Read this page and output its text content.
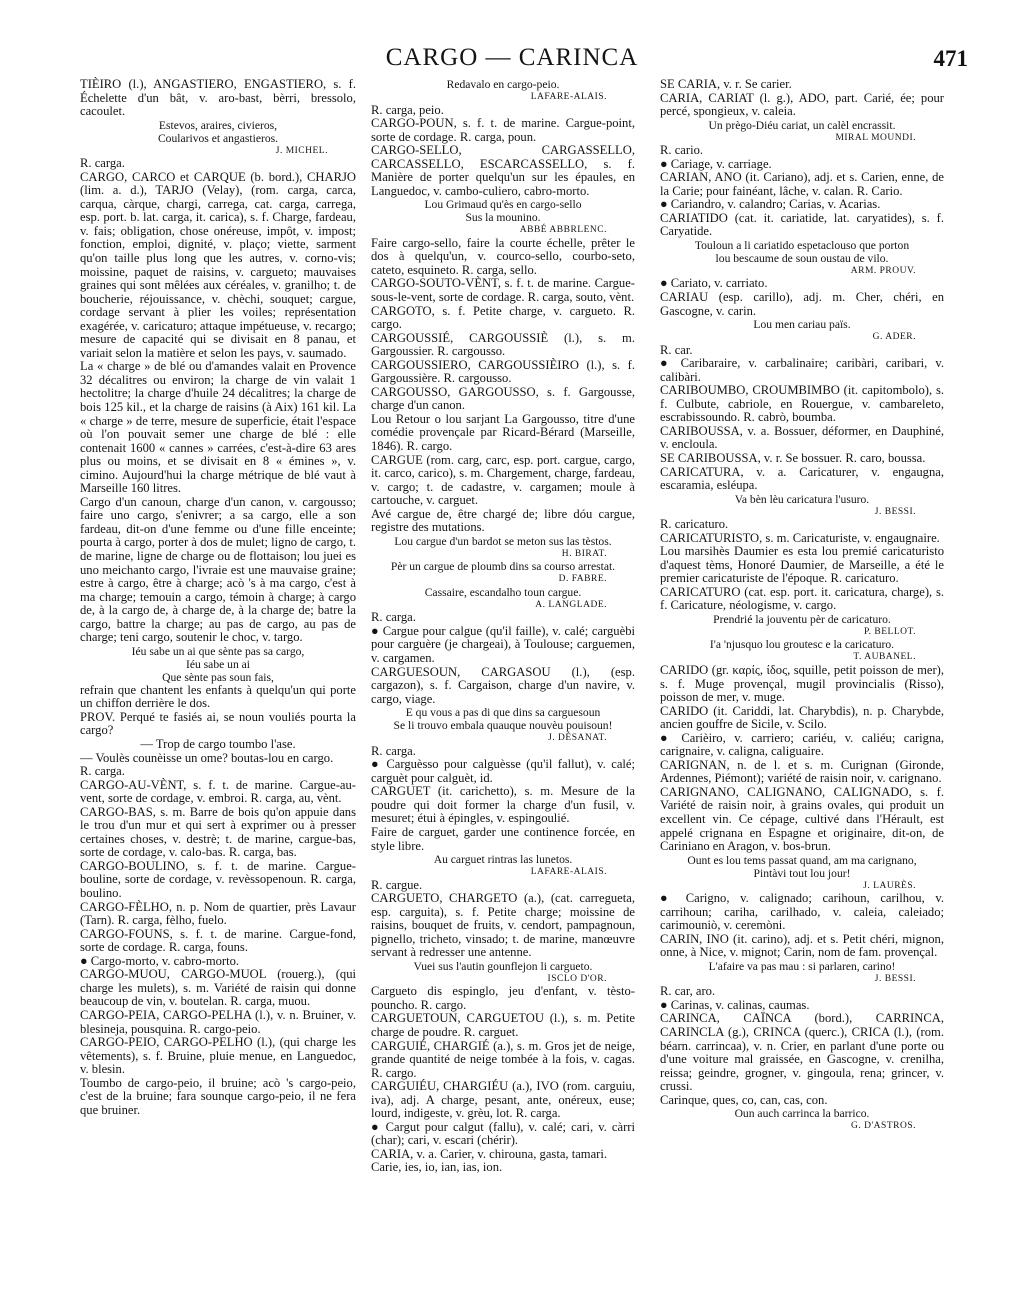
CARGO — CARINCA	471

TIÈIRO (l.), ANGASTIERO, ENGASTIERO, s. f. Échelette d'un bât, v. aro-bast, bèrri, bressolo, cacoulet.

Estevos, araires, civieros,
Coularivos et angastieros.

J. MICHEL.

R. carga.

CARGO, CARCO et CARQUE (b. bord.), CHARJO (lim. a. d.), TARJO (Velay), (rom. carga, carca, carqua, càrque, chargi, carrega, cat. carga, carrega, esp. port. b. lat. carga, it. carica), s. f. Charge, fardeau, v. fais; obligation, chose onéreuse, impôt, v. impost; fonction, emploi, dignité, v. plaço; viette, sarment qu'on taille plus long que les autres, v. corno-vis; moissine, paquet de raisins, v. cargueto; mauvaises graines qui sont mêlées aux céréales, v. granilho; t. de boucherie, réjouissance, v. chèchi, souquet; cargue, cordage servant à plier les voiles; représentation exagérée, v. caricaturo; attaque impétueuse, v. recargo; mesure de capacité qui se divisait en 8 panau, et variait selon la matière et selon les pays, v. saumado.

La « charge » de blé ou d'amandes valait en Provence 32 décalitres ou environ; la charge de vin valait 1 hectolitre; la charge d'huile 24 décalitres; la charge de bois 125 kil., et la charge de raisins (à Aix) 161 kil. La « charge » de terre, mesure de superficie, était l'espace où l'on pouvait semer une charge de blé : elle contenait 1600 « cannes » carrées, c'est-à-dire 63 ares plus ou moins, et se divisait en 8 « émines », v. cimino. Aujourd'hui la charge métrique de blé vaut à Marseille 160 litres.

Cargo d'un canoun, charge d'un canon, v. cargousso; faire uno cargo, s'enivrer; a sa cargo, elle a son fardeau, dit-on d'une femme ou d'une fille enceinte; pourta à cargo, porter à dos de mulet; ligno de cargo, t. de marine, ligne de charge ou de flottaison; lou juei es uno meichanto cargo, l'ivraie est une mauvaise graine; estre à cargo, être à charge; acò 's à ma cargo, c'est à ma charge; temouin a cargo, témoin à charge; à cargo de, à la cargo de, à charge de, à la charge de; batre la cargo, battre la charge; au pas de cargo, au pas de charge; teni cargo, soutenir le choc, v. targo.

Iéu sabe un ai que sènte pas sa cargo,
Iéu sabe un ai
Que sènte pas soun fais,

refrain que chantent les enfants à quelqu'un qui porte un chiffon derrière le dos.

PROV. Perqué te fasiés ai, se noun vouliés pourta la cargo?

— Trop de cargo toumbo l'ase.

— Voulès counèisse un ome? boutas-lou en cargo.

R. carga.

CARGO-AU-VÈNT, s. f. t. de marine. Cargue-au-vent, sorte de cordage, v. embroi. R. carga, au, vènt.

CARGO-BAS, s. m. Barre de bois qu'on appuie dans le trou d'un mur et qui sert à exprimer ou à presser certaines choses, v. destrè; t. de marine, cargue-bas, sorte de cordage, v. calo-bas. R. carga, bas.

CARGO-BOULINO, s. f. t. de marine. Cargue-bouline, sorte de cordage, v. revèssopenoun. R. carga, boulino.

CARGO-FÈLHO, n. p. Nom de quartier, près Lavaur (Tarn). R. carga, fèlho, fuelo.

CARGO-FOUNS, s. f. t. de marine. Cargue-fond, sorte de cordage. R. carga, founs.

● Cargo-morto, v. cabro-morto.

CARGO-MUOU, CARGO-MUOL (rouerg.), (qui charge les mulets), s. m. Variété de raisin qui donne beaucoup de vin, v. boutelan. R. carga, muou.

CARGO-PEIA, CARGO-PELHA (l.), v. n. Bruiner, v. blesineja, pousquina. R. cargo-peio.

CARGO-PEIO, CARGO-PELHO (l.), (qui charge les vêtements), s. f. Bruine, pluie menue, en Languedoc, v. blesin.

Toumbo de cargo-peio, il bruine; acò 's cargo-peio, c'est de la bruine; fara sounque cargo-peio, il ne fera que bruiner.

Redavalo en cargo-peio.

LAFARE-ALAIS.

R. carga, peio.

CARGO-POUN, s. f. t. de marine. Cargue-point, sorte de cordage. R. carga, poun.

CARGO-SELLO, CARGASSELLO, CARCASSELLO, ESCARCASSELLO, s. f. Manière de porter quelqu'un sur les épaules, en Languedoc, v. cambo-culiero, cabro-morto.

Lou Grimaud qu'ès en cargo-sello
Sus la mounino.

ABBÉ ABBRLENC.

Faire cargo-sello, faire la courte échelle, prêter le dos à quelqu'un, v. courco-sello, courbo-seto, cateto, esquineto. R. carga, sello.

CARGO-SOUTO-VÈNT, s. f. t. de marine. Cargue-sous-le-vent, sorte de cordage. R. carga, souto, vènt.

CARGOTO, s. f. Petite charge, v. cargueto. R. cargo.

CARGOUSSIÉ, CARGOUSSIÈ (l.), s. m. Gargoussier. R. cargousso.

CARGOUSSIERO, CARGOUSSIÈIRO (l.), s. f. Gargoussière. R. cargousso.

CARGOUSSO, GARGOUSSO, s. f. Gargousse, charge d'un canon.

Lou Retour o lou sarjant La Gargousso, titre d'une comédie provençale par Ricard-Bérard (Marseille, 1846). R. cargo.

CARGUE (rom. carg, carc, esp. port. cargue, cargo, it. carco, carico), s. m. Chargement, charge, fardeau, v. cargo; t. de cadastre, v. cargamen; moule à cartouche, v. carguet.

Avé cargue de, être chargé de; libre dóu cargue, registre des mutations.

Lou cargue d'un bardot se meton sus las tèstos.

H. BIRAT.

Pèr un cargue de ploumb dins sa courso arrestat.

D. FABRE.

Cassaire, escandalho toun cargue.

A. LANGLADE.

R. carga.

● Cargue pour calgue (qu'il faille), v. calé; carguèbi pour carguère (je chargeai), à Toulouse; carguemen, v. cargamen.

CARGUESOUN, CARGASOU (l.), (esp. cargazon), s. f. Cargaison, charge d'un navire, v. cargo, viage.

E qu vous a pas di que dins sa carguesoun
Se li trouvo embala quauque nouvèu pouisoun!

J. DÉSANAT.

R. carga.

● Carguèsso pour calguèsse (qu'il fallut), v. calé; carguèt pour calguèt, id.

CARGUET (it. carichetto), s. m. Mesure de la poudre qui doit former la charge d'un fusil, v. mesuret; étui à épingles, v. espingoulié.

Faire de carguet, garder une continence forcée, en style libre.

Au carguet rintras las lunetos.

LAFARE-ALAIS.

R. cargue.

CARGUETO, CHARGETO (a.), (cat. carregueta, esp. carguita), s. f. Petite charge; moissine de raisins, bouquet de fruits, v. cendort, pampagnoun, pignello, tricheto, vinsado; t. de marine, manœuvre servant à redresser une antenne.

Vuei sus l'autin gounflejon li cargueto.

ISCLO D'OR.

Cargueto dis espinglo, jeu d'enfant, v. tèsto-pouncho. R. cargo.

CARGUETOUN, CARGUETOU (l.), s. m. Petite charge de poudre. R. carguet.

CARGUIÉ, CHARGIÉ (a.), s. m. Gros jet de neige, grande quantité de neige tombée à la fois, v. cagas. R. cargo.

CARGUIÉU, CHARGIÉU (a.), IVO (rom. carguiu, iva), adj. A charge, pesant, ante, onéreux, euse; lourd, indigeste, v. grèu, lot. R. carga.

● Cargut pour calgut (fallu), v. calé; cari, v. càrri (char); cari, v. escari (chérir).

CARIA, v. a. Carier, v. chirouna, gasta, tamari.

Carie, ies, io, ian, ias, ion.

SE CARIA, v. r. Se carier.

CARIA, CARIAT (l. g.), ADO, part. Carié, ée; pour percé, spongieux, v. caleia.

Un prègo-Diéu cariat, un calèl encrassit.

MIRAL MOUNDI.

R. cario.

● Cariage, v. carriage.

CARIAN, ANO (it. Cariano), adj. et s. Carien, enne, de la Carie; pour fainéant, lâche, v. calan. R. Cario.

● Cariandro, v. calandro; Carias, v. Acarias.

CARIATIDO (cat. it. cariatide, lat. caryatides), s. f. Caryatide.

Touloun a li cariatido espetaclouso que porton
lou bescaume de soun oustau de vilo.

ARM. PROUV.

● Cariato, v. carriato.

CARIAU (esp. carillo), adj. m. Cher, chéri, en Gascogne, v. carin.

Lou men cariau païs.

G. ADER.

R. car.

● Caribaraire, v. carbalinaire; caribàri, caribari, v. calibàri.

CARIBOUMBO, CROUMBIMBO (it. capitombolo), s. f. Culbute, cabriole, en Rouergue, v. cambareleto, escrabissoundo. R. cabrò, boumba.

CARIBOUSSA, v. a. Bossuer, déformer, en Dauphiné, v. encloula.

SE CARIBOUSSA, v. r. Se bossuer. R. caro, boussa.

CARICATURA, v. a. Caricaturer, v. engaugna, escaramia, esléupa.

Va bèn lèu caricatura l'usuro.

J. BESSI.

R. caricaturo.

CARICATURISTO, s. m. Caricaturiste, v. engaugnaire.

Lou marsihès Daumier es esta lou premié caricaturisto d'aquest tèms, Honoré Daumier, de Marseille, a été le premier caricaturiste de l'époque. R. caricaturo.

CARICATURO (cat. esp. port. it. caricatura, charge), s. f. Caricature, néologisme, v. cargo.

Prendrié la jouventu pèr de caricaturo.

P. BELLOT.

I'a 'njusquo lou groutesc e la caricaturo.

T. AUBANEL.

CARIDO (gr. καρίς, ίδος, squille, petit poisson de mer), s. f. Muge provençal, mugil provincialis (Risso), poisson de mer, v. muge.

CARIDO (it. Cariddi, lat. Charybdis), n. p. Charybde, ancien gouffre de Sicile, v. Scilo.

● Carièiro, v. carriero; cariéu, v. caliéu; carigna, carignaire, v. caligna, caliguaire.

CARIGNAN, n. de l. et s. m. Curignan (Gironde, Ardennes, Piémont); variété de raisin noir, v. carignano.

CARIGNANO, CALIGNANO, CALIGNADO, s. f. Variété de raisin noir, à grains ovales, qui produit un excellent vin. Ce cépage, cultivé dans l'Hérault, est appelé crignana en Espagne et originaire, dit-on, de Cariniano en Aragon, v. bos-brun.

Ount es lou tems passat quand, am ma carignano,
Pintàvi tout lou jour!

J. LAURÈS.

● Carigno, v. calignado; carihoun, carilhou, v. carrihoun; cariha, carilhado, v. caleia, caleiado; carimouniò, v. ceremòni.

CARIN, INO (it. carino), adj. et s. Petit chéri, mignon, onne, à Nice, v. mignot; Carin, nom de fam. provençal.

L'afaire va pas mau : si parlaren, carino!

J. BESSI.

R. car, aro.

● Carinas, v. calinas, caumas.

CARINCA, CAÏNCA (bord.), CARRINCA, CARINCLA (g.), CRINCA (querc.), CRICA (l.), (rom. béarn. carrincaa), v. n. Crier, en parlant d'une porte ou d'une voiture mal graissée, en Gascogne, v. crenilha, reissa; geindre, grogner, v. gingoula, rena; grincer, v. crussi.

Carinque, ques, co, can, cas, con.

Oun auch carrinca la barrico.

G. D'ASTROS.
